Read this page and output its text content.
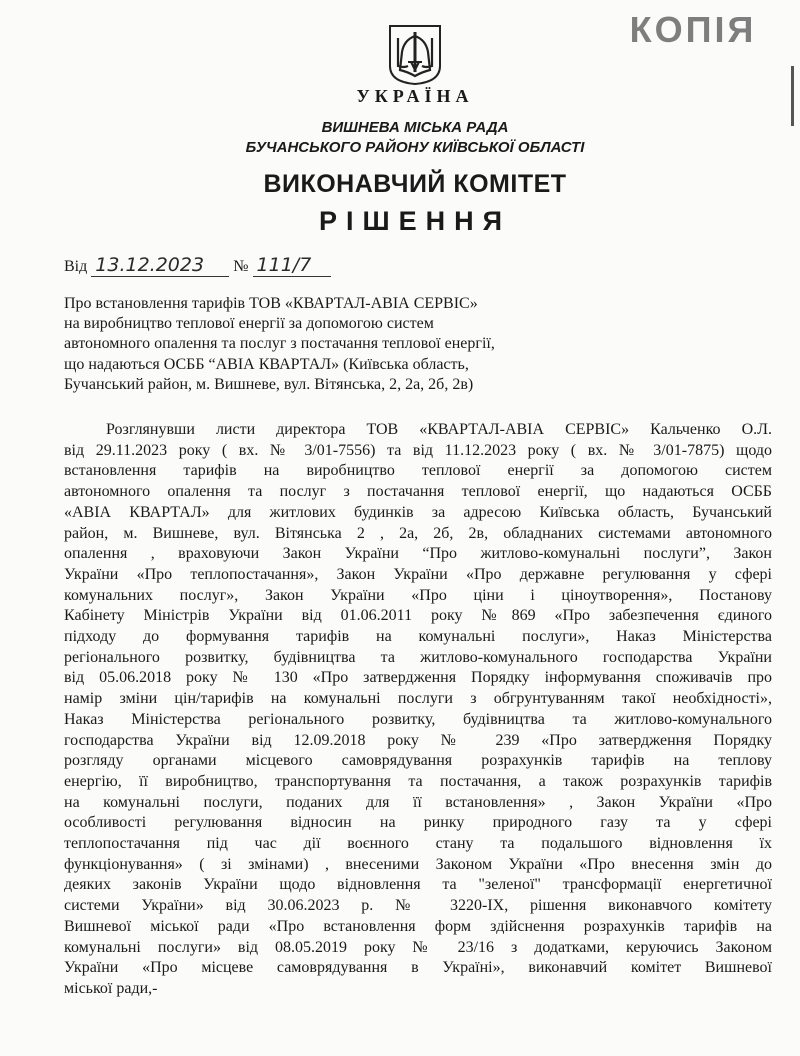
КОПІЯ
УКРАЇНА
ВИШНЕВА МІСЬКА РАДА
БУЧАНСЬКОГО РАЙОНУ КИЇВСЬКОЇ ОБЛАСТІ
ВИКОНАВЧИЙ КОМІТЕТ
РІШЕННЯ
Від 13.12.2023 № 111/7
Про встановлення тарифів ТОВ «КВАРТАЛ-АВІА СЕРВІС»
на виробництво теплової енергії за допомогою систем
автономного опалення та послуг з постачання теплової енергії,
що надаються ОСББ “АВІА КВАРТАЛ» (Київська область,
Бучанський район, м. Вишневе, вул. Вітянська, 2, 2а, 2б, 2в)
Розглянувши листи директора ТОВ «КВАРТАЛ-АВІА СЕРВІС» Кальченко О.Л.
від 29.11.2023 року ( вх. № 3/01-7556) та від 11.12.2023 року ( вх. № 3/01-7875) щодо
встановлення тарифів на виробництво теплової енергії за допомогою систем
автономного опалення та послуг з постачання теплової енергії, що надаються ОСББ
«АВІА КВАРТАЛ» для житлових будинків за адресою Київська область, Бучанський
район, м. Вишневе, вул. Вітянська 2 , 2а, 2б, 2в, обладнаних системами автономного
опалення , враховуючи Закон України “Про житлово-комунальні послуги”, Закон
України «Про теплопостачання», Закон України «Про державне регулювання у сфері
комунальних послуг», Закон України «Про ціни і ціноутворення», Постанову
Кабінету Міністрів України від 01.06.2011 року №869 «Про забезпечення єдиного
підходу до формування тарифів на комунальні послуги», Наказ Міністерства
регіонального розвитку, будівництва та житлово-комунального господарства України
від 05.06.2018 року № 130 «Про затвердження Порядку інформування споживачів про
намір зміни цін/тарифів на комунальні послуги з обгрунтуванням такої необхідності»,
Наказ Міністерства регіонального розвитку, будівництва та житлово-комунального
господарства України від 12.09.2018 року № 239 «Про затвердження Порядку
розгляду органами місцевого самоврядування розрахунків тарифів на теплову
енергію, її виробництво, транспортування та постачання, а також розрахунків тарифів
на комунальні послуги, поданих для її встановлення» , Закон України «Про
особливості регулювання відносин на ринку природного газу та у сфері
теплопостачання під час дії воєнного стану та подальшого відновлення їх
функціонування» ( зі змінами) , внесеними Законом України «Про внесення змін до
деяких законів України щодо відновлення та "зеленої" трансформації енергетичної
системи України» від 30.06.2023 р. № 3220-IX, рішення виконавчого комітету
Вишневої міської ради «Про встановлення форм здійснення розрахунків тарифів на
комунальні послуги» від 08.05.2019 року № 23/16 з додатками, керуючись Законом
України «Про місцеве самоврядування в Україні», виконавчий комітет Вишневої
міської ради,-
